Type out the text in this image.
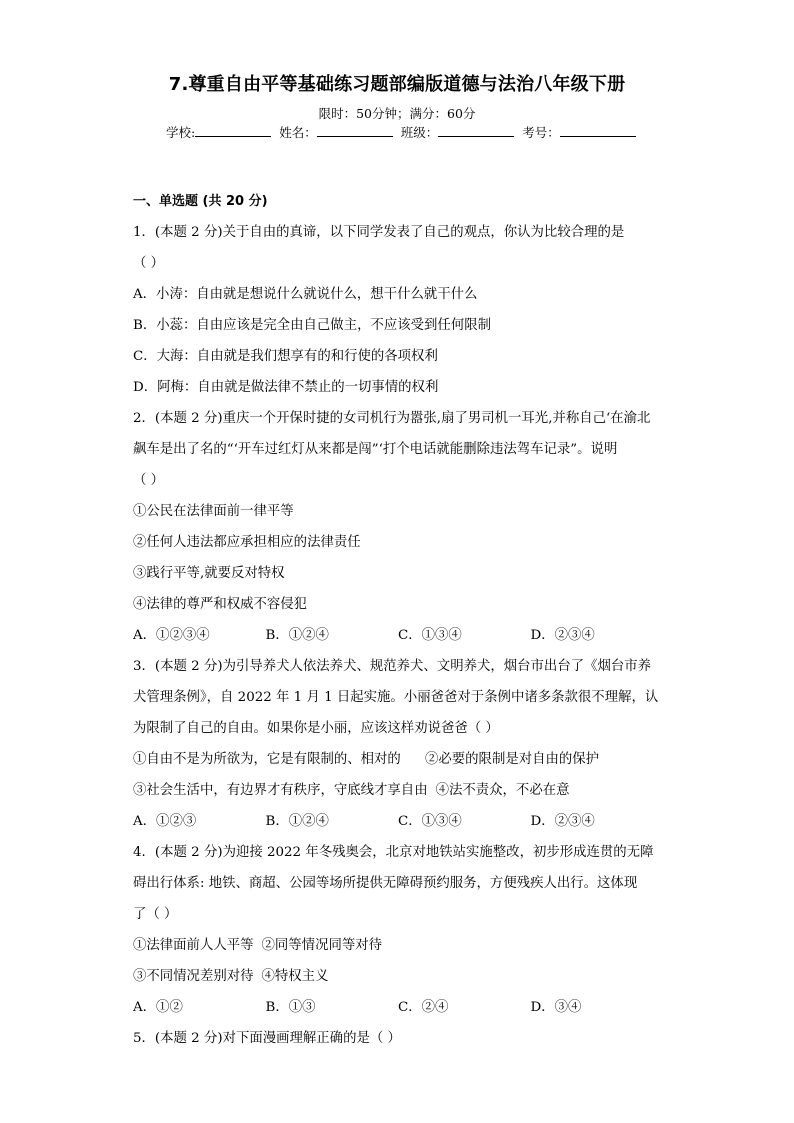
7.尊重自由平等基础练习题部编版道德与法治八年级下册
限时：50分钟；满分：60分
学校:	姓名：	班级：	考号：
一、单选题 (共 20 分)
1．(本题 2 分)关于自由的真谛，以下同学发表了自己的观点，你认为比较合理的是
（ ）
A．小涛：自由就是想说什么就说什么，想干什么就干什么
B．小蕊：自由应该是完全由自己做主，不应该受到任何限制
C．大海：自由就是我们想享有的和行使的各项权利
D．阿梅：自由就是做法律不禁止的一切事情的权利
2．(本题 2 分)重庆一个开保时捷的女司机行为嚣张,扇了男司机一耳光,并称自己‘在渝北
飙车是出了名的“‘开车过红灯从来都是闯”‘打个电话就能删除违法驾车记录”。说明
（ ）
①公民在法律面前一律平等
②任何人违法都应承担相应的法律责任
③践行平等,就要反对特权
④法律的尊严和权威不容侵犯
A．①②③④	B．①②④	C．①③④	D．②③④
3．(本题 2 分)为引导养犬人依法养犬、规范养犬、文明养犬，烟台市出台了《烟台市养
犬管理条例》，自 2022 年 1 月 1 日起实施。小丽爸爸对于条例中诸多条款很不理解，认
为限制了自己的自由。如果你是小丽，应该这样劝说爸爸（ ）
①自由不是为所欲为，它是有限制的、相对的 ②必要的限制是对自由的保护
③社会生活中，有边界才有秩序，守底线才享自由 ④法不责众，不必在意
A．①②③	B．①②④	C．①③④	D．②③④
4．(本题 2 分)为迎接 2022 年冬残奥会，北京对地铁站实施整改，初步形成连贯的无障
碍出行体系: 地铁、商超、公园等场所提供无障碍预约服务，方便残疾人出行。这体现
了（ ）
①法律面前人人平等 ②同等情况同等对待
③不同情况差别对待 ④特权主义
A．①②	B．①③	C．②④	D．③④
5．(本题 2 分)对下面漫画理解正确的是（ ）
